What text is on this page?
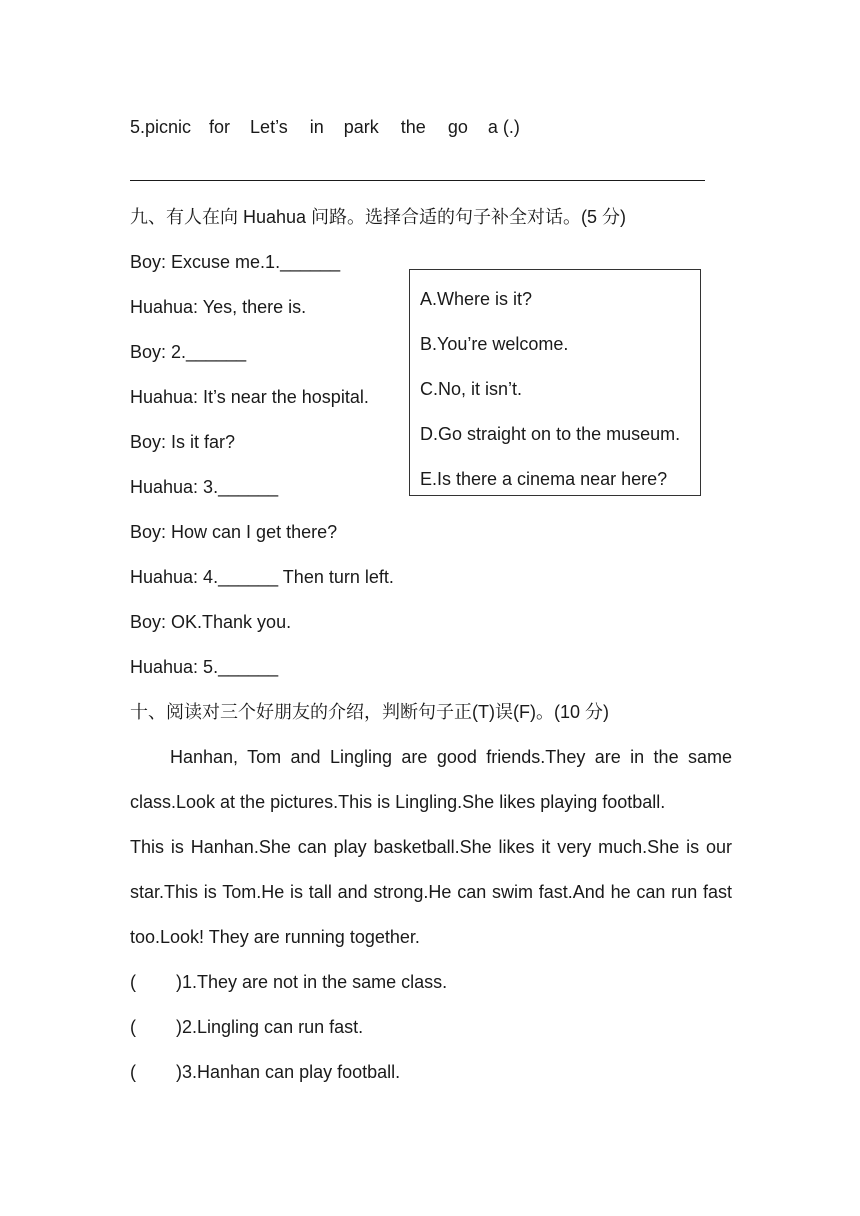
5.picnic for Let’s in park the go a (.)
九、有人在向 Huahua 问路。选择合适的句子补全对话。(5 分)
Boy: Excuse me.1.______
Huahua: Yes, there is.
Boy: 2.______
Huahua: It’s near the hospital.
Boy: Is it far?
Huahua: 3.______
Boy: How can I get there?
Huahua: 4.______ Then turn left.
Boy: OK.Thank you.
Huahua: 5.______
A.Where is it?
B.You’re welcome.
C.No, it isn’t.
D.Go straight on to the museum.
E.Is there a cinema near here?
十、阅读对三个好朋友的介绍，判断句子正(T)误(F)。(10 分)
Hanhan, Tom and Lingling are good friends.They are in the same
class.Look at the pictures.This is Lingling.She likes playing football.
This is Hanhan.She can play basketball.She likes it very much.She is our
star.This is Tom.He is tall and strong.He can swim fast.And he can run fast
too.Look! They are running together.
( )1.They are not in the same class.
( )2.Lingling can run fast.
( )3.Hanhan can play football.
